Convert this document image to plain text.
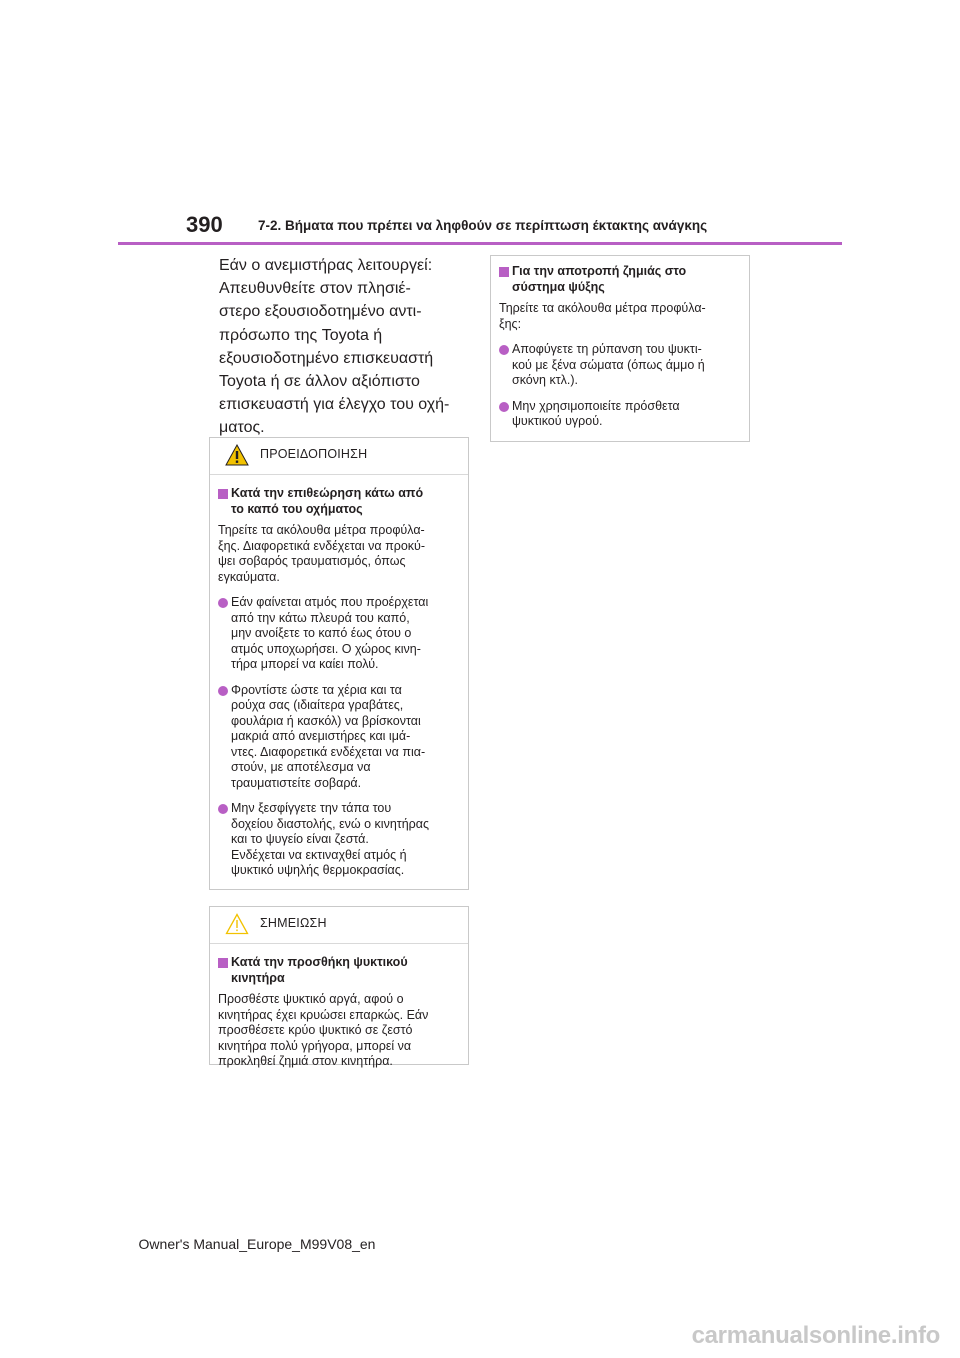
390	7-2. Βήματα που πρέπει να ληφθούν σε περίπτωση έκτακτης ανάγκης
Εάν ο ανεμιστήρας λειτουργεί:
Απευθυνθείτε στον πλησιέ-
στερο εξουσιοδοτημένο αντι-
πρόσωπο της Toyota ή
εξουσιοδοτημένο επισκευαστή
Toyota ή σε άλλον αξιόπιστο
επισκευαστή για έλεγχο του οχή-
ματος.
ΠΡΟΕΙΔΟΠΟΙΗΣΗ
Κατά την επιθεώρηση κάτω από
το καπό του οχήματος
Τηρείτε τα ακόλουθα μέτρα προφύλα-
ξης. Διαφορετικά ενδέχεται να προκύ-
ψει σοβαρός τραυματισμός, όπως
εγκαύματα.
Εάν φαίνεται ατμός που προέρχεται
από την κάτω πλευρά του καπό,
μην ανοίξετε το καπό έως ότου ο
ατμός υποχωρήσει. Ο χώρος κινη-
τήρα μπορεί να καίει πολύ.
Φροντίστε ώστε τα χέρια και τα
ρούχα σας (ιδιαίτερα γραβάτες,
φουλάρια ή κασκόλ) να βρίσκονται
μακριά από ανεμιστήρες και ιμά-
ντες. Διαφορετικά ενδέχεται να πια-
στούν, με αποτέλεσμα να
τραυματιστείτε σοβαρά.
Μην ξεσφίγγετε την τάπα του
δοχείου διαστολής, ενώ ο κινητήρας
και το ψυγείο είναι ζεστά.
Ενδέχεται να εκτιναχθεί ατμός ή
ψυκτικό υψηλής θερμοκρασίας.
ΣΗΜΕΙΩΣΗ
Κατά την προσθήκη ψυκτικού
κινητήρα
Προσθέστε ψυκτικό αργά, αφού ο
κινητήρας έχει κρυώσει επαρκώς. Εάν
προσθέσετε κρύο ψυκτικό σε ζεστό
κινητήρα πολύ γρήγορα, μπορεί να
προκληθεί ζημιά στον κινητήρα.
Για την αποτροπή ζημιάς στο
σύστημα ψύξης
Τηρείτε τα ακόλουθα μέτρα προφύλα-
ξης:
Αποφύγετε τη ρύπανση του ψυκτι-
κού με ξένα σώματα (όπως άμμο ή
σκόνη κτλ.).
Μην χρησιμοποιείτε πρόσθετα
ψυκτικού υγρού.
Owner's Manual_Europe_M99V08_en
carmanualsonline.info
